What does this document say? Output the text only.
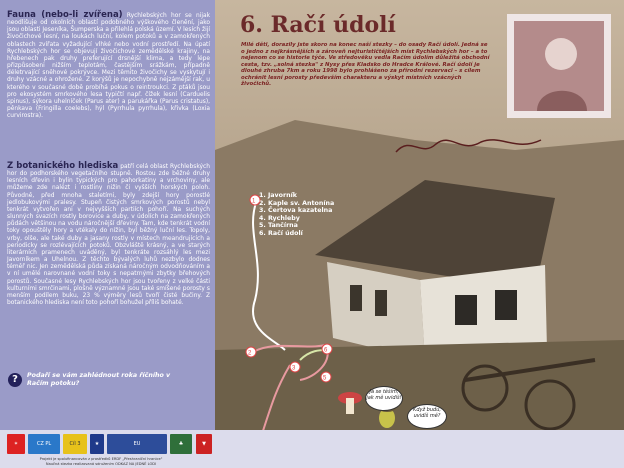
Fauna (nebo-li zvířena) Rychlebských hor se nijak neodlišuje od okolních oblastí podobného výškového členění, jako jsou oblasti Jeseníka, Šumperska a přilehlá polská území. V lesích žijí živočichové lesní, na loukách luční, kolem potoků a v zamokřených oblastech zvířata vyžadující vlhké nebo vodní prostředí. Na úpatí Rychlebských hor se objevují živočichové zemědělské krajiny, na hřebenech pak druhy preferující drsnější klima, a tedy lépe přizpůsobeni nižším teplotám, častějším srážkám, případně déletrvající sněhové pokrývce. Mezi těmito živočichy se vyskytují i druhy vzácné a ohrožené. Z korýšů je nepochybně nejzámější rak, u kterého v současné době probíhá pokus o reintroukci. Z ptáků jsou pro ekosystém smrkového lesa typičtí např. čížek lesní (Carduelis spinus), sýkora uhelníček (Parus ater) a parukářka (Parus cristatus), pěnkava (Fringilla coelebs), hýl (Pyrrhula pyrrhula), křivka (Loxia curvirostra).

Z botanického hlediska patří celá oblast Rychlebských hor do podhorského vegetačního stupně. Rostou zde běžné druhy lesních dřevin i bylin typických pro pahorkatiny a vrchoviny, ale můžeme zde nalézt i rostliny nižin či vyšších horských poloh. Původně, před mnoha staletími, byly zdejší hory porostlé jedlobukovými pralesy. Stupeň čistých smrkových porostů nebyl tenkrát vytvořen ani v nejvyšších partiích pohoří. Na suchých slunných svazích rostly borovice a duby, v údolích na zamokřených půdách většinou na vodu náročnější dřeviny. Tam, kde tenkrát vodní toky opouštěly hory a vtékaly do nížin, byl běžný luční les. Topoly, vrby, olše, ale také duby a jasany rostly v místech meandrujících a periodicky se rozlévajících potoků. Obzvláště krásný, a ve starých literárních pramenech uváděný, byl tenkráte rozsáhlý les mezi Javorníkem a Uhelnou. Z těchto bývalých luhů nezbylo dodnes téměř nic. Jen zemědělská půda získaná náročným odvodňováním a v ní umělé narovnané vodní toky s nepatrnými zbytky břehových porostů. Současné lesy Rychlebských hor jsou tvořeny z velké části kulturními smrčinami, plošně významné jsou také smíšené porosty s menším podílem buku, 23 % výměry lesů tvoří čisté bučiny. Z botanického hlediska není toto pohoří bohužel příliš bohaté.

?	Podaří se vám zahlédnout roka říčního v Račím potoku?
1
2
3
5
6
6. Račí údolí

Milé děti, dorazily jste skoro na konec naší stezky – do osady Račí údolí. Jedná se o jedno z nejkrásnějších a zároveň nejturističtějších míst Rychlebských hor – a to nejenom co se historie týče. Ve středověku vedla Račím údolím důležitá obchodní cesta, tzv. „solná stezka" z Nysy přes Kladsko do Hradce Králové. Račí údolí je dlouhé zhruba 7km a roku 1998 bylo prohlášeno za přírodní rezervaci – s cílem ochránit lesní porosty především charakteru a výskyt místních vzácných živočichů.

1. Javorník
2. Kaple sv. Antonína
3. Čertova kazatelna
4. Rychleby
5. Tančírna
6. Račí údolí
Já se těším, jak mě uvidíš!
Když budu, uvidíš mě?
✶	CZ PL	Cíl 3	★	EU	♣	▼
Projekt je spolufinancován z prostředků ERDF „Přeshraniční hranice"
Naučná stezka realizovaná sdružením ODKAZ NA JEDNÉ LODI
